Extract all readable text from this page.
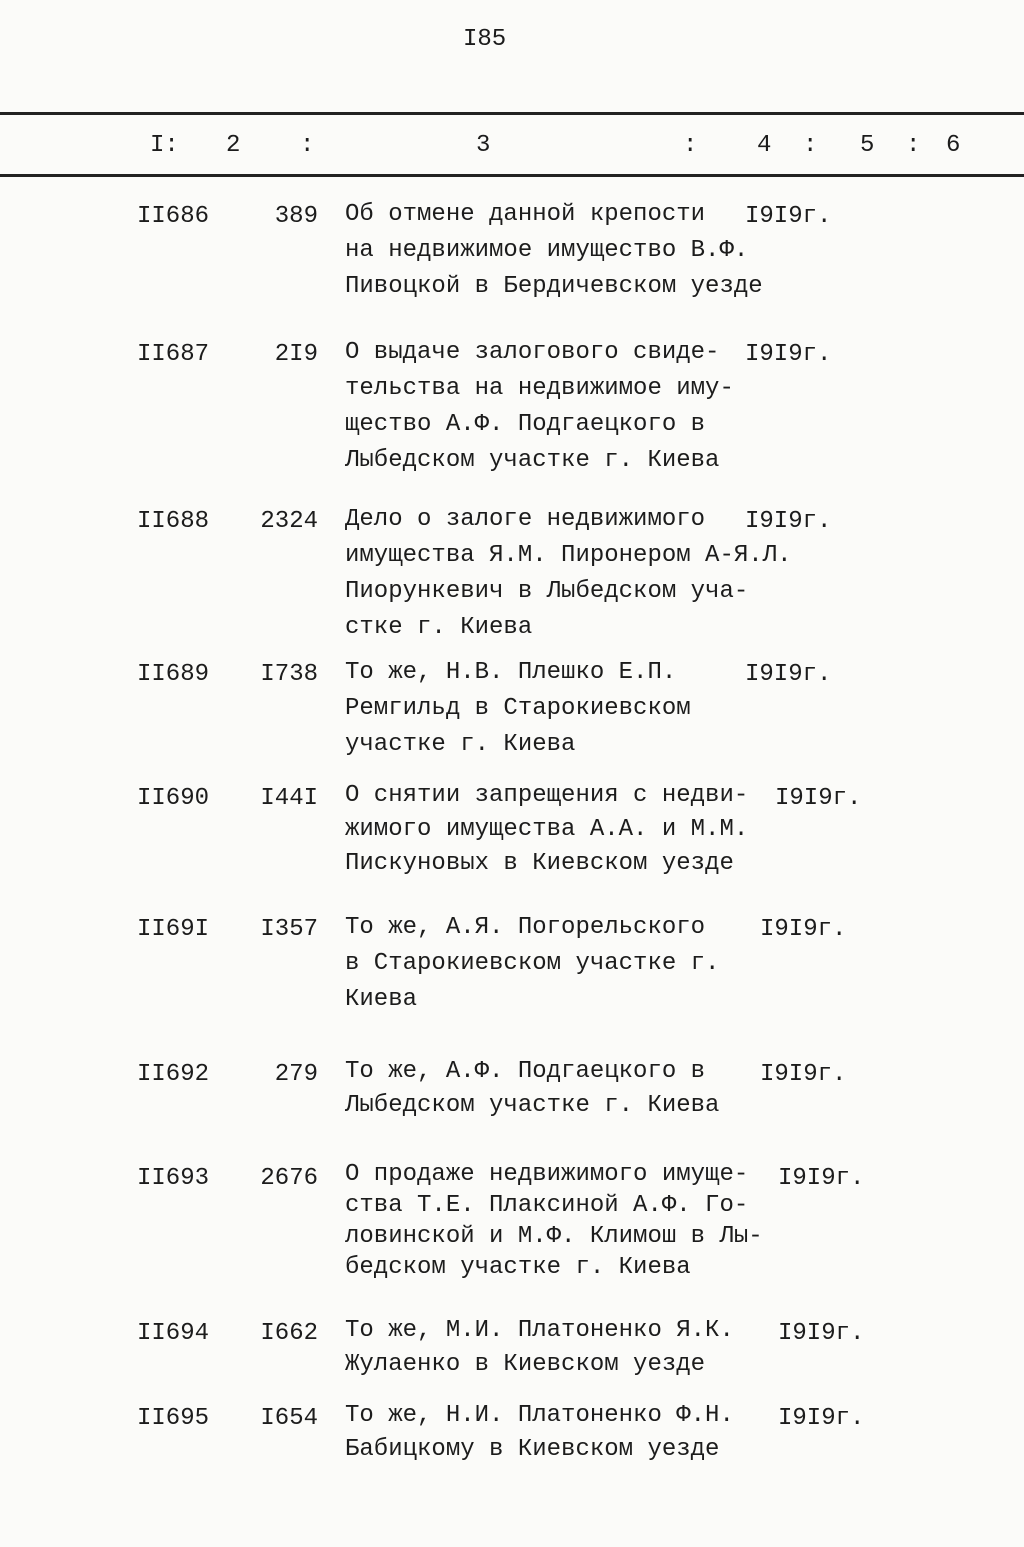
I85
I: 2 :	3	: 4 : 5 : 6
II686	389 Об отмене данной крепости
на недвижимое имущество В.Ф.
Пивоцкой в Бердичевском уезде
I9I9г.
II687	2I9 О выдаче залогового свиде-
тельства на недвижимое иму-
щество А.Ф. Подгаецкого в
Лыбедском участке г. Киева
I9I9г.
II688 2324 Дело о залоге недвижимого
имущества Я.М. Пиронером А-Я.Л.
Пиорункевич в Лыбедском уча-
стке г. Киева
I9I9г.
II689 I738 То же, Н.В. Плешко Е.П.
Ремгильд в Старокиевском
участке г. Киева
I9I9г.
II690 I44I О снятии запрещения с недви-
жимого имущества А.А. и М.М.
Пискуновых в Киевском уезде
I9I9г.
II69I I357 То же, А.Я. Погорельского
в Старокиевском участке г.
Киева
I9I9г.
II692	279 То же, А.Ф. Подгаецкого в
Лыбедском участке г. Киева
I9I9г.
II693 2676 О продаже недвижимого имуще-
ства Т.Е. Плаксиной А.Ф. Го-
ловинской и М.Ф. Климош в Лы-
бедском участке г. Киева
I9I9г.
II694 I662 То же, М.И. Платоненко Я.К.
Жулаенко в Киевском уезде
I9I9г.
II695 I654 То же, Н.И. Платоненко Ф.Н.
Бабицкому в Киевском уезде
I9I9г.
